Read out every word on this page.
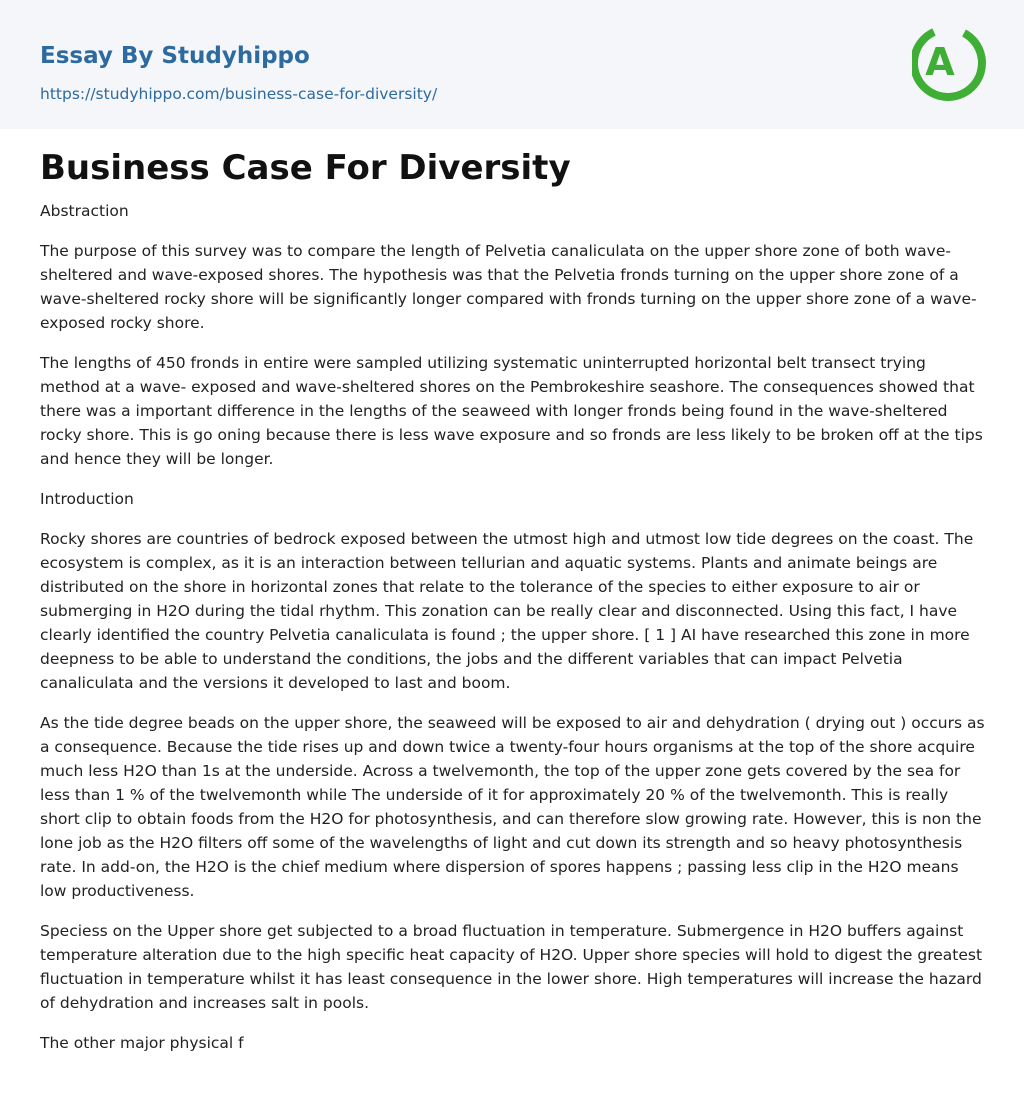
Essay By Studyhippo
https://studyhippo.com/business-case-for-diversity/
A
Business Case For Diversity
Abstraction

The purpose of this survey was to compare the length of Pelvetia canaliculata on the upper shore zone of both wave-sheltered and wave-exposed shores. The hypothesis was that the Pelvetia fronds turning on the upper shore zone of a wave-sheltered rocky shore will be significantly longer compared with fronds turning on the upper shore zone of a wave-exposed rocky shore.

The lengths of 450 fronds in entire were sampled utilizing systematic uninterrupted horizontal belt transect trying method at a wave- exposed and wave-sheltered shores on the Pembrokeshire seashore. The consequences showed that there was a important difference in the lengths of the seaweed with longer fronds being found in the wave-sheltered rocky shore. This is go oning because there is less wave exposure and so fronds are less likely to be broken off at the tips and hence they will be longer.

Introduction

Rocky shores are countries of bedrock exposed between the utmost high and utmost low tide degrees on the coast. The ecosystem is complex, as it is an interaction between tellurian and aquatic systems. Plants and animate beings are distributed on the shore in horizontal zones that relate to the tolerance of the species to either exposure to air or submerging in H2O during the tidal rhythm. This zonation can be really clear and disconnected. Using this fact, I have clearly identified the country Pelvetia canaliculata is found ; the upper shore. [ 1 ] AI have researched this zone in more deepness to be able to understand the conditions, the jobs and the different variables that can impact Pelvetia canaliculata and the versions it developed to last and boom.

As the tide degree beads on the upper shore, the seaweed will be exposed to air and dehydration ( drying out ) occurs as a consequence. Because the tide rises up and down twice a twenty-four hours organisms at the top of the shore acquire much less H2O than 1s at the underside. Across a twelvemonth, the top of the upper zone gets covered by the sea for less than 1 % of the twelvemonth while The underside of it for approximately 20 % of the twelvemonth. This is really short clip to obtain foods from the H2O for photosynthesis, and can therefore slow growing rate. However, this is non the lone job as the H2O filters off some of the wavelengths of light and cut down its strength and so heavy photosynthesis rate. In add-on, the H2O is the chief medium where dispersion of spores happens ; passing less clip in the H2O means low productiveness.

Speciess on the Upper shore get subjected to a broad fluctuation in temperature. Submergence in H2O buffers against temperature alteration due to the high specific heat capacity of H2O. Upper shore species will hold to digest the greatest fluctuation in temperature whilst it has least consequence in the lower shore. High temperatures will increase the hazard of dehydration and increases salt in pools.

The other major physical f
